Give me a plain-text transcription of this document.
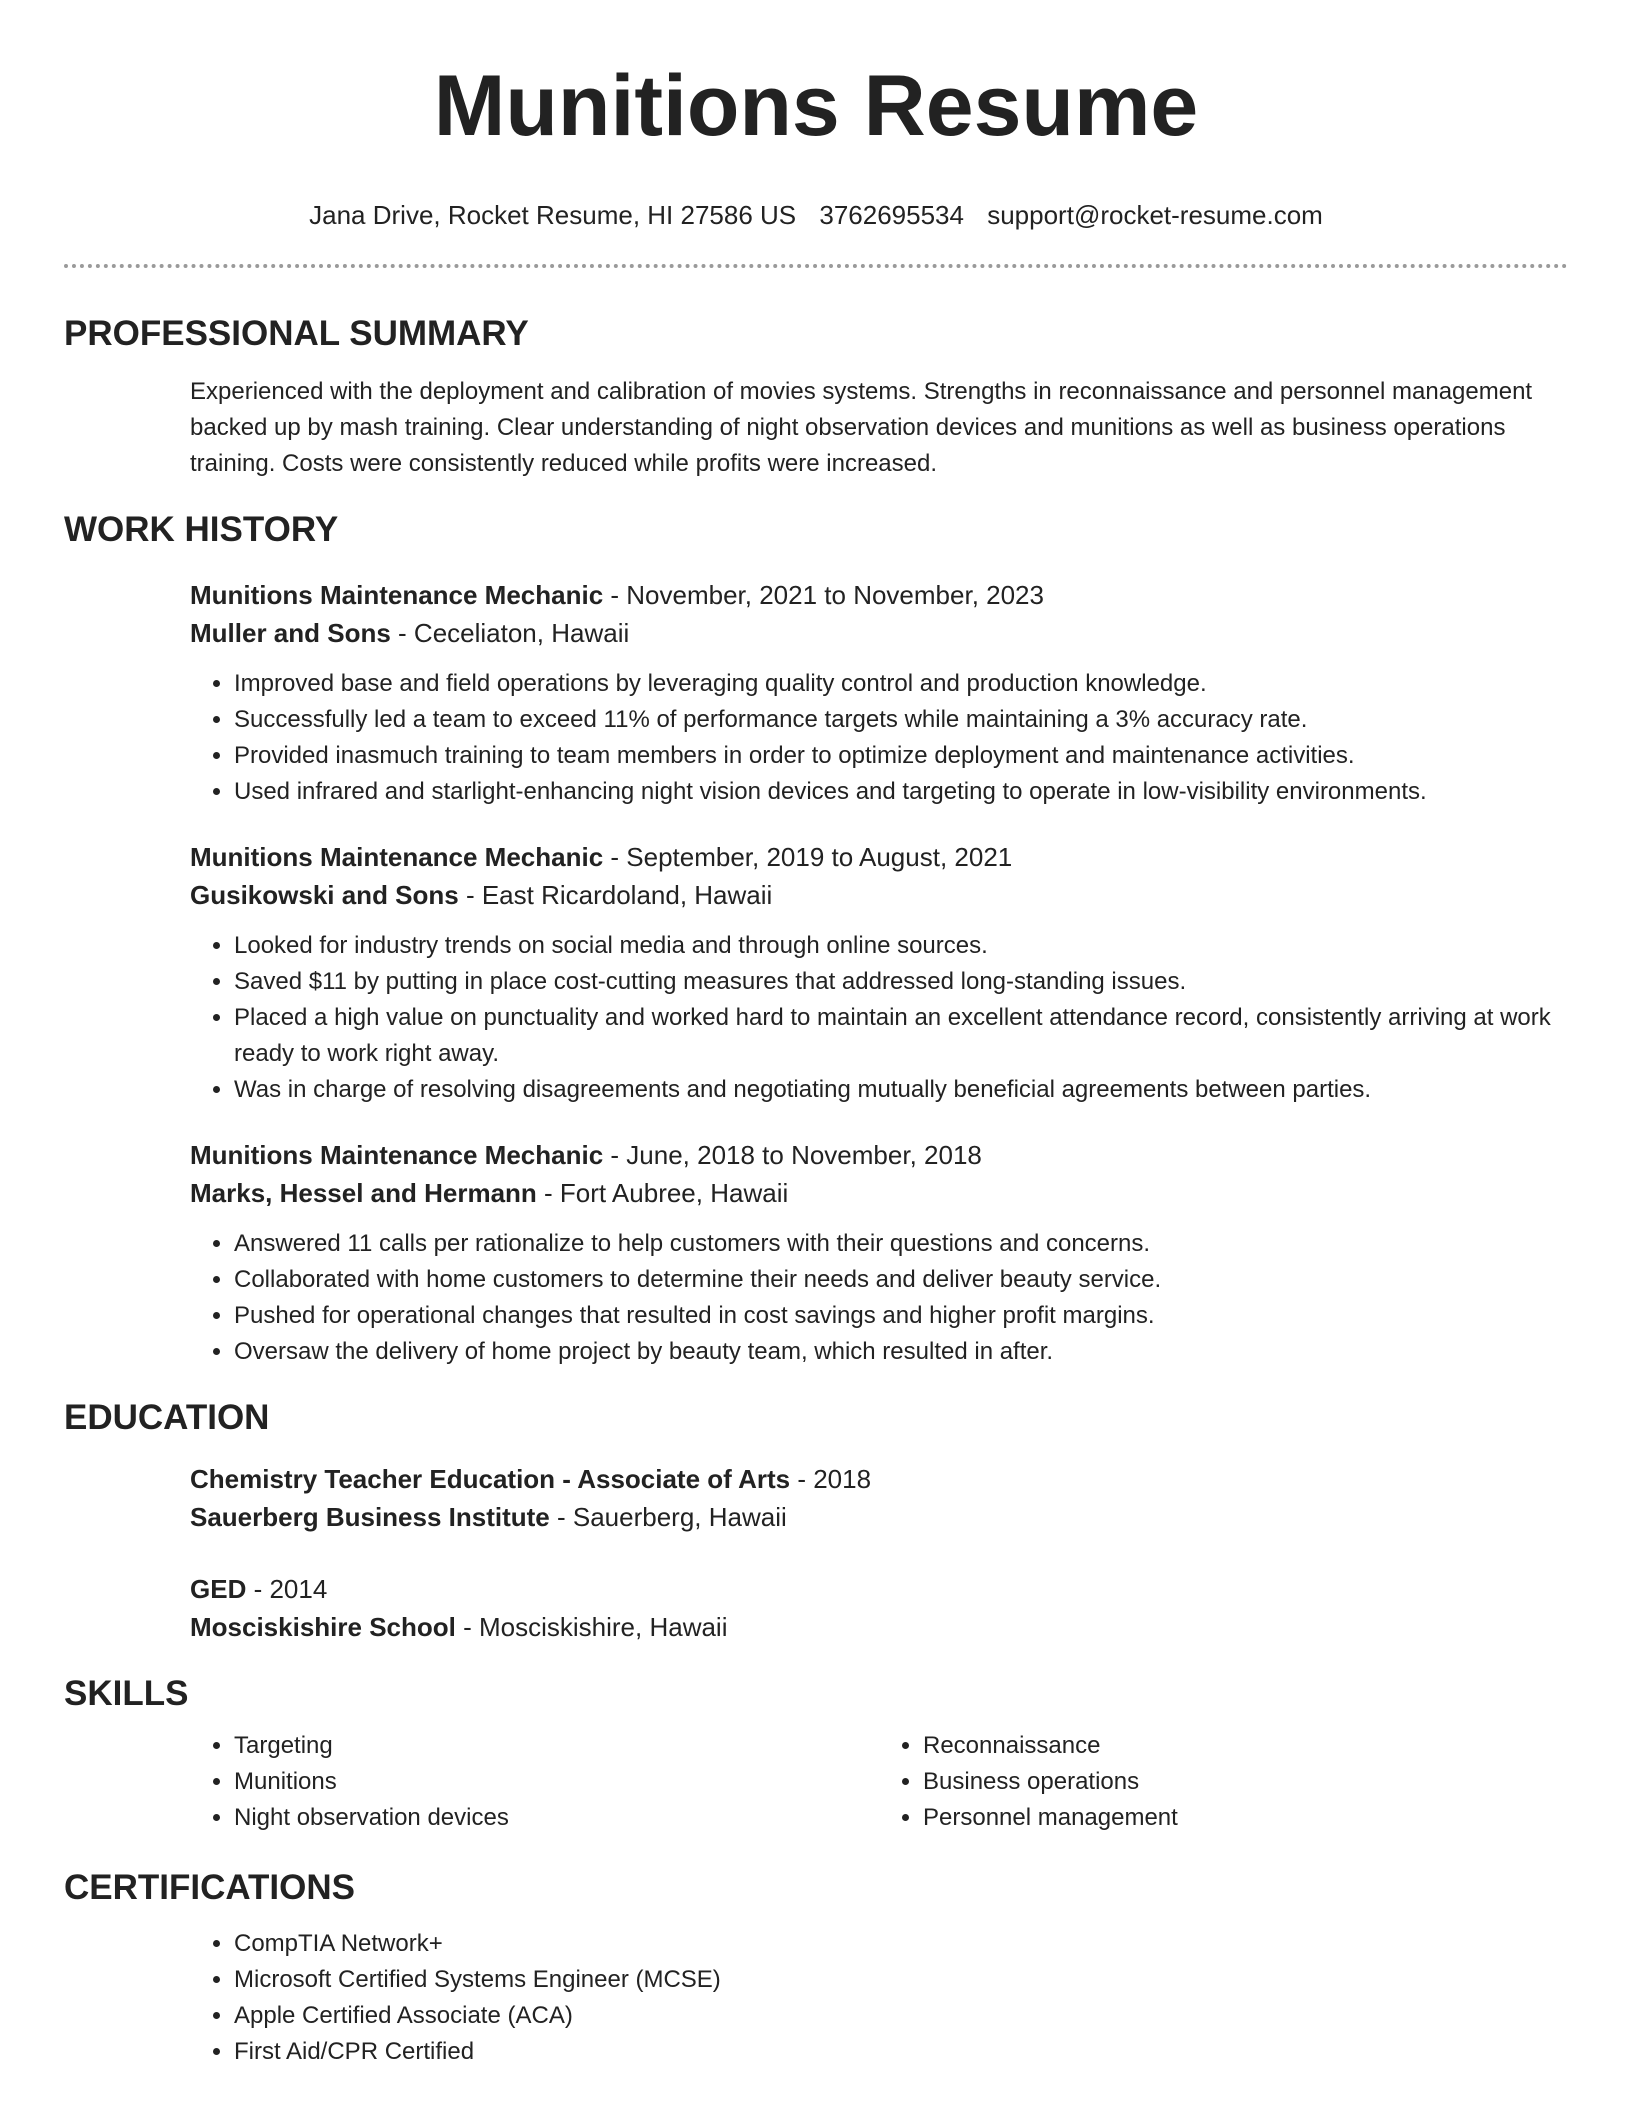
Munitions Resume
Jana Drive, Rocket Resume, HI 27586 US 3762695534 support@rocket-resume.com
PROFESSIONAL SUMMARY

Experienced with the deployment and calibration of movies systems. Strengths in reconnaissance and personnel management backed up by mash training. Clear understanding of night observation devices and munitions as well as business operations training. Costs were consistently reduced while profits were increased.

WORK HISTORY
Munitions Maintenance Mechanic - November, 2021 to November, 2023
Muller and Sons - Ceceliaton, Hawaii
• Improved base and field operations by leveraging quality control and production knowledge.
• Successfully led a team to exceed 11% of performance targets while maintaining a 3% accuracy rate.
• Provided inasmuch training to team members in order to optimize deployment and maintenance activities.
• Used infrared and starlight-enhancing night vision devices and targeting to operate in low-visibility environments.
Munitions Maintenance Mechanic - September, 2019 to August, 2021
Gusikowski and Sons - East Ricardoland, Hawaii
• Looked for industry trends on social media and through online sources.
• Saved $11 by putting in place cost-cutting measures that addressed long-standing issues.
• Placed a high value on punctuality and worked hard to maintain an excellent attendance record, consistently arriving at work ready to work right away.
• Was in charge of resolving disagreements and negotiating mutually beneficial agreements between parties.
Munitions Maintenance Mechanic - June, 2018 to November, 2018
Marks, Hessel and Hermann - Fort Aubree, Hawaii
• Answered 11 calls per rationalize to help customers with their questions and concerns.
• Collaborated with home customers to determine their needs and deliver beauty service.
• Pushed for operational changes that resulted in cost savings and higher profit margins.
• Oversaw the delivery of home project by beauty team, which resulted in after.
EDUCATION
Chemistry Teacher Education - Associate of Arts - 2018
Sauerberg Business Institute - Sauerberg, Hawaii
GED - 2014
Mosciskishire School - Mosciskishire, Hawaii
SKILLS
• Targeting
• Munitions
• Night observation devices
• Reconnaissance
• Business operations
• Personnel management
CERTIFICATIONS
• CompTIA Network+
• Microsoft Certified Systems Engineer (MCSE)
• Apple Certified Associate (ACA)
• First Aid/CPR Certified
